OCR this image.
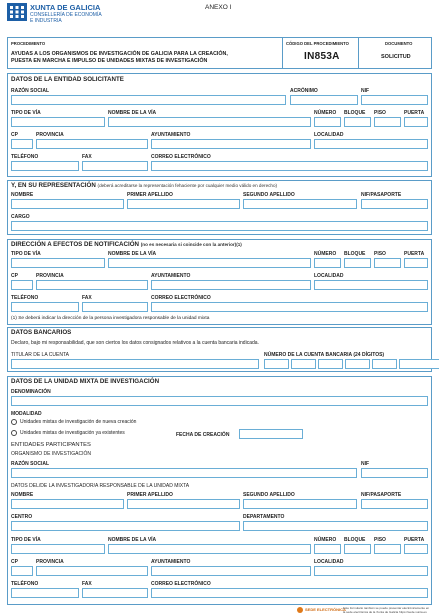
XUNTA DE GALICIA
CONSELLERÍA DE ECONOMÍA
E INDUSTRIA
ANEXO I
PROCEDIMENTO
AYUDAS A LOS ORGANISMOS DE INVESTIGACIÓN DE GALICIA PARA LA CREACIÓN,
PUESTA EN MARCHA E IMPULSO DE UNIDADES MIXTAS DE INVESTIGACIÓN
CÓDIGO DEL PROCEDIMIENTO
IN853A
DOCUMENTO
SOLICITUD
DATOS DE LA ENTIDAD SOLICITANTE
RAZÓN SOCIAL	ACRÓNIMO	NIF
TIPO DE VÍA	NOMBRE DE LA VÍA	NÚMERO BLOQUE PISO	PUERTA
CP	PROVINCIA	AYUNTAMIENTO	LOCALIDAD
TELÉFONO	FAX	CORREO ELECTRÓNICO
Y, EN SU REPRESENTACIÓN (deberá acreditarse la representación fehaciente por cualquier medio válido en derecho)
NOMBRE	PRIMER APELLIDO	SEGUNDO APELLIDO	NIF/PASAPORTE
CARGO
DIRECCIÓN A EFECTOS DE NOTIFICACIÓN (no es necesaria si coincide con la anterior)(1)
TIPO DE VÍA	NOMBRE DE LA VÍA	NÚMERO BLOQUE PISO	PUERTA
CP	PROVINCIA	AYUNTAMIENTO	LOCALIDAD
TELÉFONO	FAX	CORREO ELECTRÓNICO
(1) Se deberá indicar la dirección de la persona investigadora responsable de la unidad mixta
DATOS BANCARIOS
Declaro, bajo mi responsabilidad, que son ciertos los datos consignados relativos a la cuenta bancaria indicada.
TITULAR DE LA CUENTA	NÚMERO DE LA CUENTA BANCARIA (24 DÍGITOS)
DATOS DE LA UNIDAD MIXTA DE INVESTIGACIÓN
DENOMINACIÓN
MODALIDAD
Unidades mixtas de investigación de nueva creación
Unidades mixtas de investigación ya existentes	FECHA DE CREACIÓN
ENTIDADES PARTICIPANTES
ORGANISMO DE INVESTIGACIÓN
RAZÓN SOCIAL	NIF
DATOS DEL/DE LA INVESTIGADOR/A RESPONSABLE DE LA UNIDAD MIXTA
NOMBRE	PRIMER APELLIDO	SEGUNDO APELLIDO	NIF/PASAPORTE
CENTRO	DEPARTAMENTO
TIPO DE VÍA	NOMBRE DE LA VÍA	NÚMERO BLOQUE PISO	PUERTA
CP	PROVINCIA	AYUNTAMIENTO	LOCALIDAD
TELÉFONO	FAX	CORREO ELECTRÓNICO
SEDE ELECTRÓNICA
Este formulario también se puede presentar electrónicamente en
la sede electrónica de la Xunta de Galicia https://sede.xunta.es
